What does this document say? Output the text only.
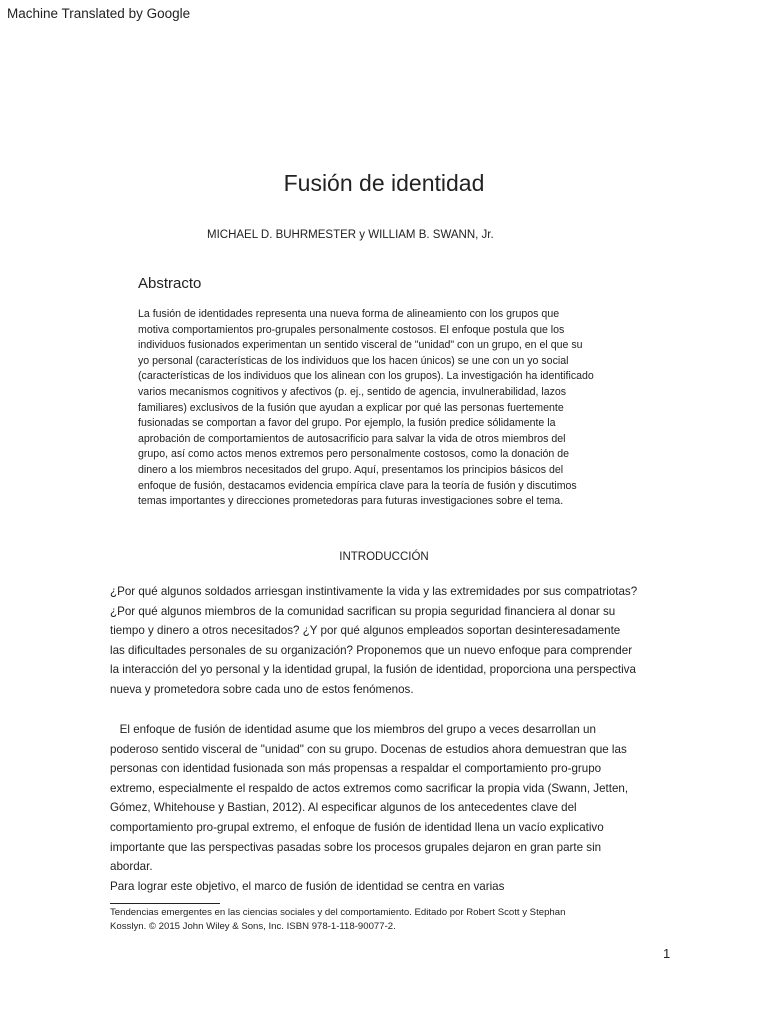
Machine Translated by Google
Fusión de identidad
MICHAEL D. BUHRMESTER y WILLIAM B. SWANN, Jr.
Abstracto
La fusión de identidades representa una nueva forma de alineamiento con los grupos que
motiva comportamientos pro-grupales personalmente costosos. El enfoque postula que los
individuos fusionados experimentan un sentido visceral de "unidad" con un grupo, en el que su
yo personal (características de los individuos que los hacen únicos) se une con un yo social
(características de los individuos que los alinean con los grupos). La investigación ha identificado
varios mecanismos cognitivos y afectivos (p. ej., sentido de agencia, invulnerabilidad, lazos
familiares) exclusivos de la fusión que ayudan a explicar por qué las personas fuertemente
fusionadas se comportan a favor del grupo. Por ejemplo, la fusión predice sólidamente la
aprobación de comportamientos de autosacrificio para salvar la vida de otros miembros del
grupo, así como actos menos extremos pero personalmente costosos, como la donación de
dinero a los miembros necesitados del grupo. Aquí, presentamos los principios básicos del
enfoque de fusión, destacamos evidencia empírica clave para la teoría de fusión y discutimos
temas importantes y direcciones prometedoras para futuras investigaciones sobre el tema.
INTRODUCCIÓN
¿Por qué algunos soldados arriesgan instintivamente la vida y las extremidades por sus compatriotas?
¿Por qué algunos miembros de la comunidad sacrifican su propia seguridad financiera al donar su
tiempo y dinero a otros necesitados? ¿Y por qué algunos empleados soportan desinteresadamente
las dificultades personales de su organización? Proponemos que un nuevo enfoque para comprender
la interacción del yo personal y la identidad grupal, la fusión de identidad, proporciona una perspectiva
nueva y prometedora sobre cada uno de estos fenómenos.
El enfoque de fusión de identidad asume que los miembros del grupo a veces desarrollan un
poderoso sentido visceral de "unidad" con su grupo. Docenas de estudios ahora demuestran que las
personas con identidad fusionada son más propensas a respaldar el comportamiento pro-grupo
extremo, especialmente el respaldo de actos extremos como sacrificar la propia vida (Swann, Jetten,
Gómez, Whitehouse y Bastian, 2012). Al especificar algunos de los antecedentes clave del
comportamiento pro-grupal extremo, el enfoque de fusión de identidad llena un vacío explicativo
importante que las perspectivas pasadas sobre los procesos grupales dejaron en gran parte sin
abordar.
Para lograr este objetivo, el marco de fusión de identidad se centra en varias
Tendencias emergentes en las ciencias sociales y del comportamiento. Editado por Robert Scott y Stephan
Kosslyn. © 2015 John Wiley & Sons, Inc. ISBN 978-1-118-90077-2.
1
